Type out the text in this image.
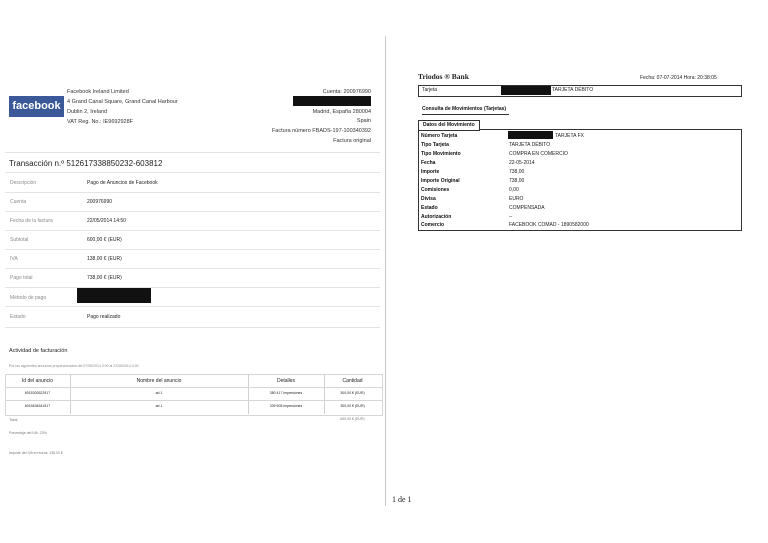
facebook
Facebook Ireland Limited
4 Grand Canal Square, Grand Canal Harbour
Dublin 2, Ireland
VAT Reg. No.: IE9692928F
Cuenta: 200976990
Madrid, España 280004
Spain
Factura número FBADS-197-100340392
Factura original
Transacción n.º 512617338850232-603812
Descripción	Pago de Anuncios de Facebook
Cuenta	200976990
Fecha de la factura	22/05/2014 14:50
Subtotal	600,00 € (EUR)
IVA	138,00 € (EUR)
Pago total	738,00 € (EUR)
Método de pago
Estado	Pago realizado
Actividad de facturación
Por los siguientes anuncios proporcionados del 07/05/2014 0:00 al 22/05/2014 0:00
Id del anuncio	Nombre del anuncio	Detalles	Cantidad
6015302622917	ad 1	380 417 impresiones	300,00 € (EUR)
6015634541917	ad 1	339 505 impresiones	300,00 € (EUR)
Total	600,00 € (EUR)
Porcentaje del IVA: 23%
Importe del IVA en euros: 138,00 €
Triodos ® Bank	Fecha: 07-07-2014 Hora: 20:38:05
Tarjeta	TARJETA DÉBITO
Consulta de Movimientos (Tarjetas)
Datos del Movimiento
Número Tarjeta	TARJETA FX
Tipo Tarjeta	TARJETA DÉBITO
Tipo Movimiento	COMPRA EN COMERCIO
Fecha	22-05-2014
Importe	738,00
Importe Original	738,00
Comisiones	0,00
Divisa	EURO
Estado	COMPENSADA
Autorización	--
Comercio	FACEBOOK COMAD - 1890582000
1 de 1
